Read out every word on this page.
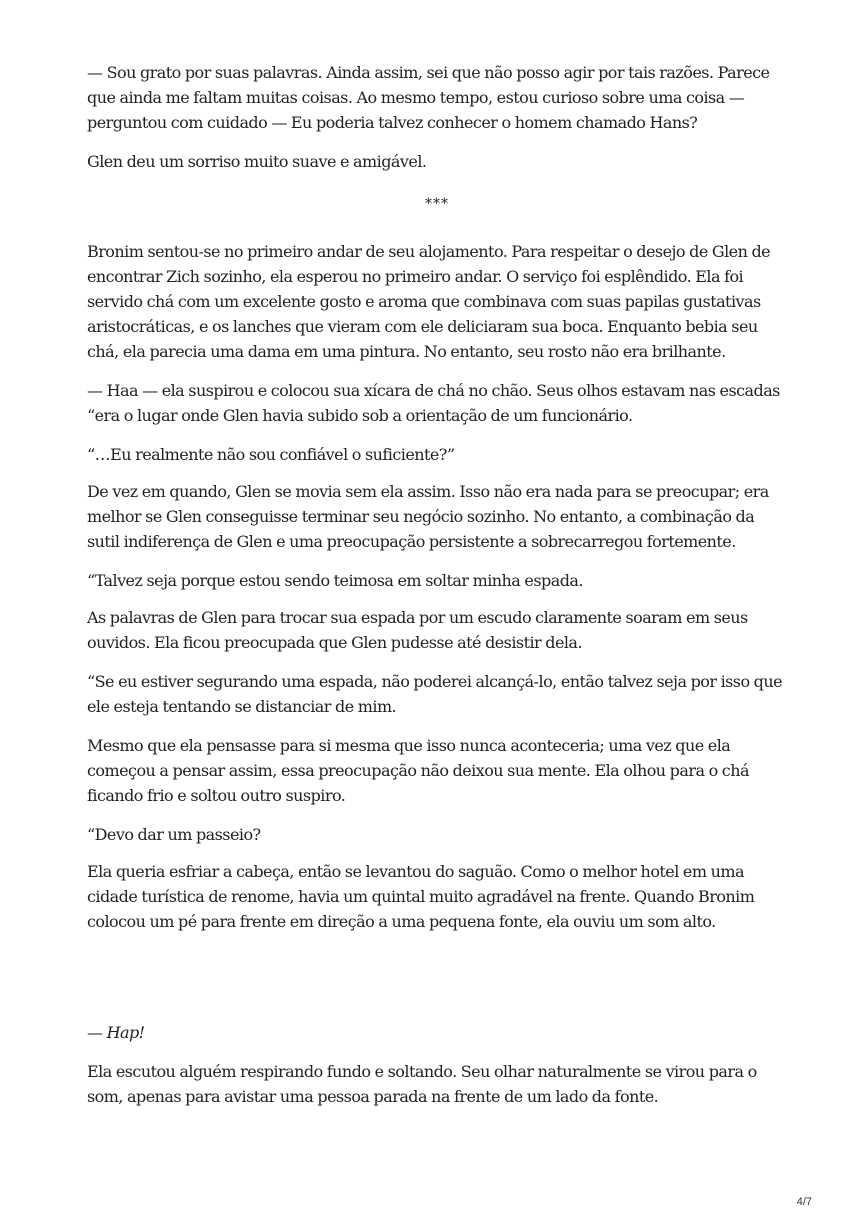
— Sou grato por suas palavras. Ainda assim, sei que não posso agir por tais razões. Parece que ainda me faltam muitas coisas. Ao mesmo tempo, estou curioso sobre uma coisa — perguntou com cuidado — Eu poderia talvez conhecer o homem chamado Hans?

Glen deu um sorriso muito suave e amigável.

***

Bronim sentou-se no primeiro andar de seu alojamento. Para respeitar o desejo de Glen de encontrar Zich sozinho, ela esperou no primeiro andar. O serviço foi esplêndido. Ela foi servido chá com um excelente gosto e aroma que combinava com suas papilas gustativas aristocráticas, e os lanches que vieram com ele deliciaram sua boca. Enquanto bebia seu chá, ela parecia uma dama em uma pintura. No entanto, seu rosto não era brilhante.

— Haa — ela suspirou e colocou sua xícara de chá no chão. Seus olhos estavam nas escadas “era o lugar onde Glen havia subido sob a orientação de um funcionário.

“…Eu realmente não sou confiável o suficiente?”

De vez em quando, Glen se movia sem ela assim. Isso não era nada para se preocupar; era melhor se Glen conseguisse terminar seu negócio sozinho. No entanto, a combinação da sutil indiferença de Glen e uma preocupação persistente a sobrecarregou fortemente.

“Talvez seja porque estou sendo teimosa em soltar minha espada.

As palavras de Glen para trocar sua espada por um escudo claramente soaram em seus ouvidos. Ela ficou preocupada que Glen pudesse até desistir dela.

“Se eu estiver segurando uma espada, não poderei alcançá-lo, então talvez seja por isso que ele esteja tentando se distanciar de mim.

Mesmo que ela pensasse para si mesma que isso nunca aconteceria; uma vez que ela começou a pensar assim, essa preocupação não deixou sua mente. Ela olhou para o chá ficando frio e soltou outro suspiro.

“Devo dar um passeio?

Ela queria esfriar a cabeça, então se levantou do saguão. Como o melhor hotel em uma cidade turística de renome, havia um quintal muito agradável na frente. Quando Bronim colocou um pé para frente em direção a uma pequena fonte, ela ouviu um som alto.

— Hap!

Ela escutou alguém respirando fundo e soltando. Seu olhar naturalmente se virou para o som, apenas para avistar uma pessoa parada na frente de um lado da fonte.

4/7
